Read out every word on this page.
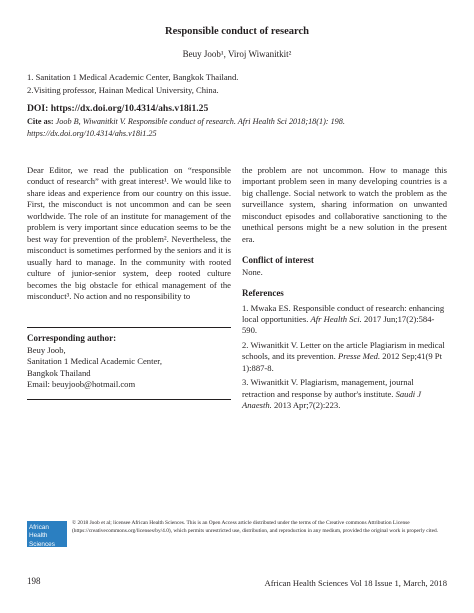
Responsible conduct of research
Beuy Joob¹, Viroj Wiwanitkit²
1. Sanitation 1 Medical Academic Center, Bangkok Thailand.
2.Visiting professor, Hainan Medical University, China.
DOI: https://dx.doi.org/10.4314/ahs.v18i1.25
Cite as: Joob B, Wiwanitkit V. Responsible conduct of research. Afri Health Sci 2018;18(1): 198. https://dx.doi.org/10.4314/ahs.v18i1.25

Dear Editor, we read the publication on “responsible conduct of research” with great interest¹. We would like to share ideas and experience from our country on this issue. First, the misconduct is not uncommon and can be seen worldwide. The role of an institute for management of the problem is very important since education seems to be the best way for prevention of the problem². Nevertheless, the misconduct is sometimes performed by the seniors and it is usually hard to manage. In the community with rooted culture of junior-senior system, deep rooted culture becomes the big obstacle for ethical management of the misconduct³. No action and no responsibility to

Corresponding author:
Beuy Joob,
Sanitation 1 Medical Academic Center,
Bangkok Thailand
Email: beuyjoob@hotmail.com

the problem are not uncommon. How to manage this important problem seen in many developing countries is a big challenge. Social network to watch the problem as the surveillance system, sharing information on unwanted misconduct episodes and collaborative sanctioning to the unethical persons might be a new solution in the present era.

Conflict of interest
None.
References
1. Mwaka ES. Responsible conduct of research: enhancing local opportunities. Afr Health Sci. 2017 Jun;17(2):584-590.
2. Wiwanitkit V. Letter on the article Plagiarism in medical schools, and its prevention. Presse Med. 2012 Sep;41(9 Pt 1):887-8.
3. Wiwanitkit V. Plagiarism, management, journal retraction and response by author's institute. Saudi J Anaesth. 2013 Apr;7(2):223.
African
Health Sciences
© 2018 Joob et al; licensee African Health Sciences. This is an Open Access article distributed under the terms of the Creative commons Attribution License (https://creativecommons.org/licenses/by/4.0), which permits unrestricted use, distribution, and reproduction in any medium, provided the original work is properly cited.
198	African Health Sciences Vol 18 Issue 1, March, 2018
